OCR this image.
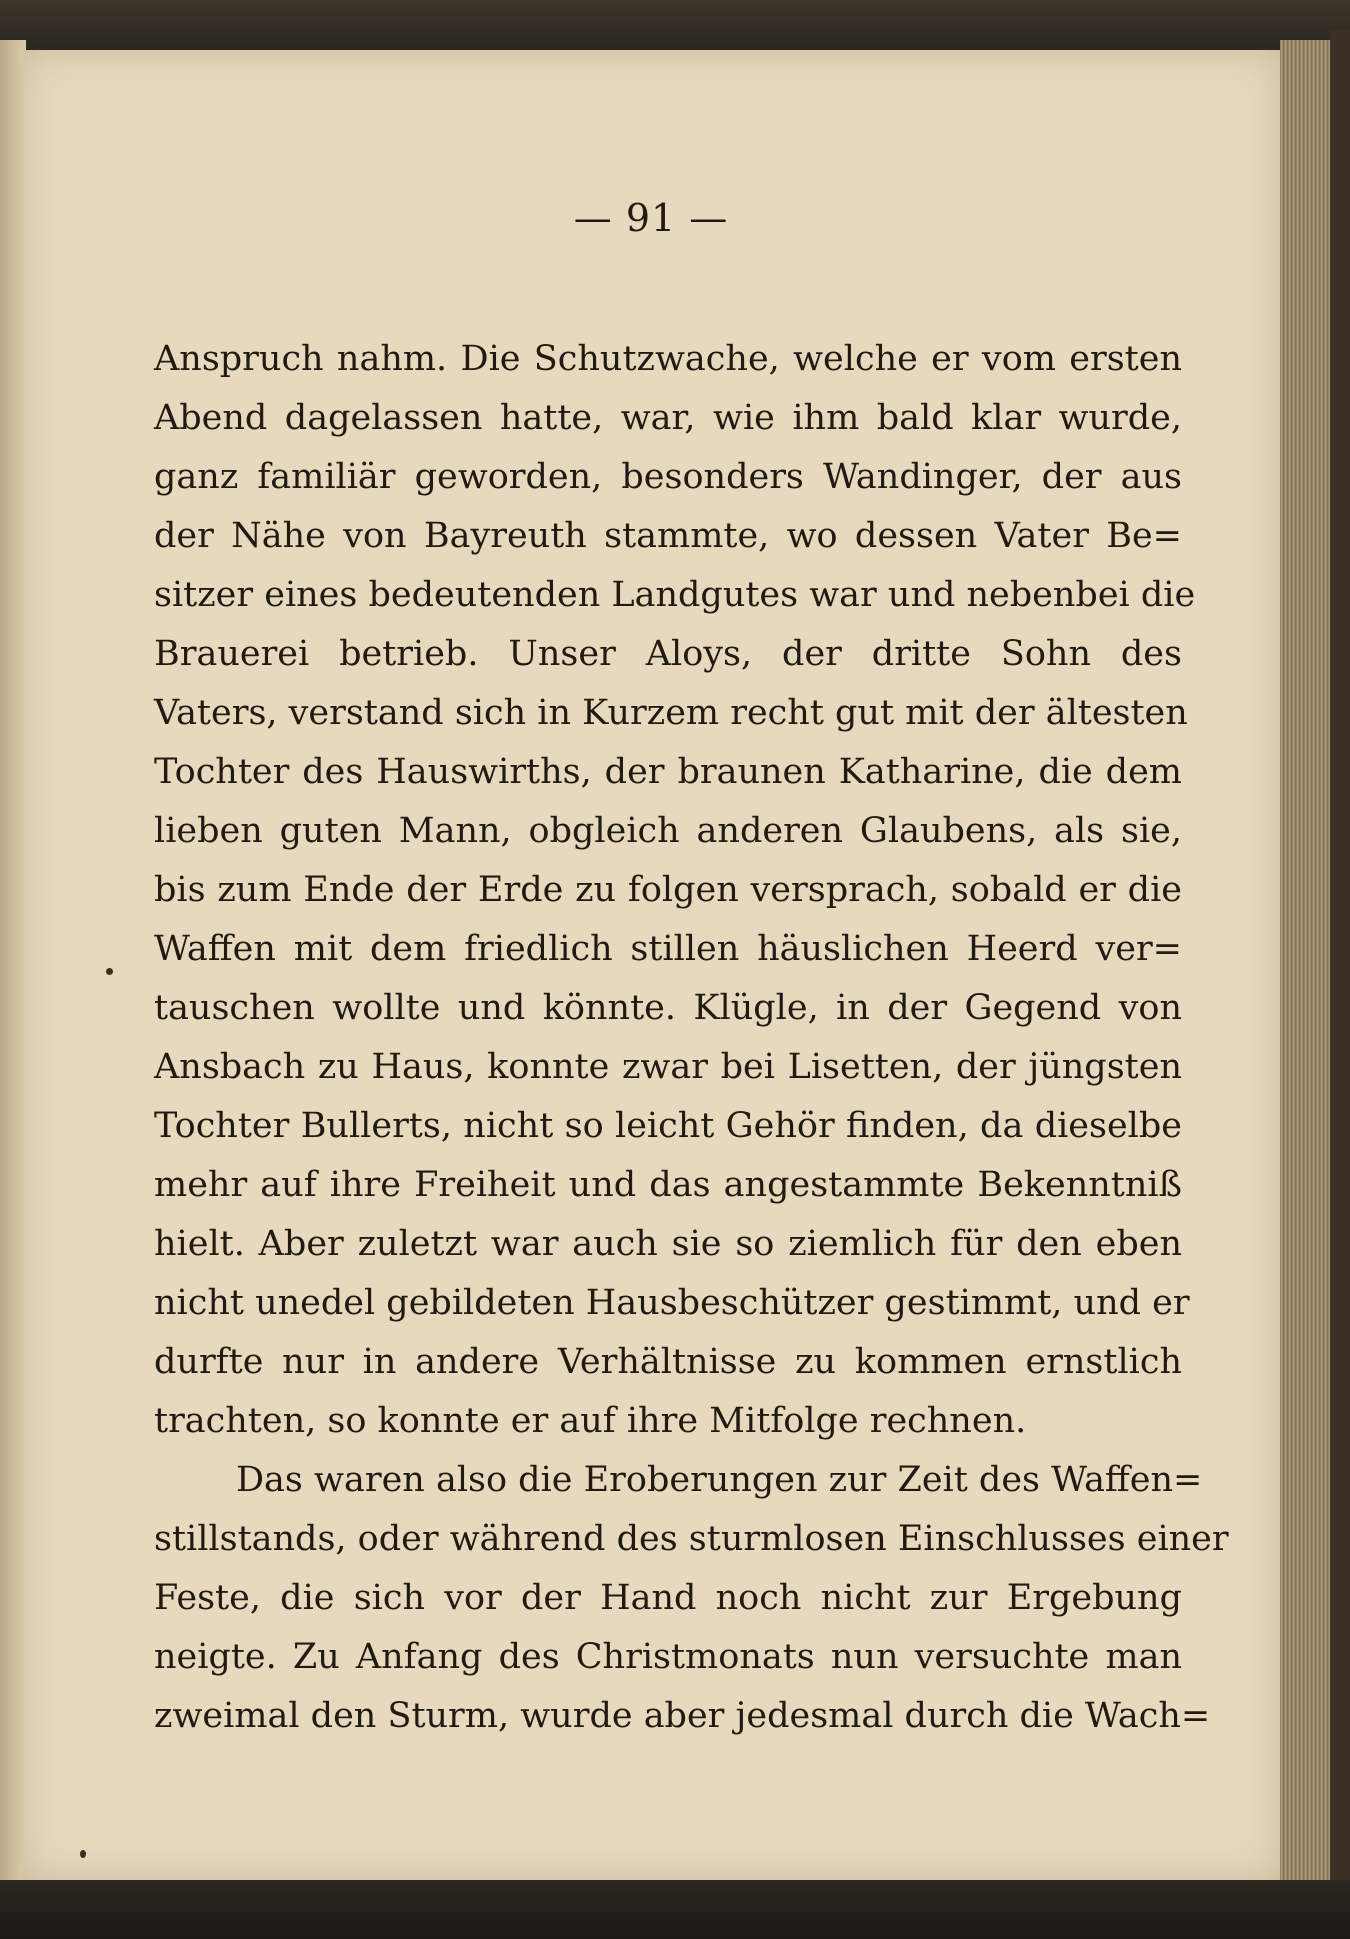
— 91 —
Anspruch nahm. Die Schutzwache, welche er vom ersten
Abend dagelassen hatte, war, wie ihm bald klar wurde,
ganz familiär geworden, besonders Wandinger, der aus
der Nähe von Bayreuth stammte, wo dessen Vater Be=
sitzer eines bedeutenden Landgutes war und nebenbei die
Brauerei betrieb. Unser Aloys, der dritte Sohn des
Vaters, verstand sich in Kurzem recht gut mit der ältesten
Tochter des Hauswirths, der braunen Katharine, die dem
lieben guten Mann, obgleich anderen Glaubens, als sie,
bis zum Ende der Erde zu folgen versprach, sobald er die
Waffen mit dem friedlich stillen häuslichen Heerd ver=
tauschen wollte und könnte. Klügle, in der Gegend von
Ansbach zu Haus, konnte zwar bei Lisetten, der jüngsten
Tochter Bullerts, nicht so leicht Gehör finden, da dieselbe
mehr auf ihre Freiheit und das angestammte Bekenntniß
hielt. Aber zuletzt war auch sie so ziemlich für den eben
nicht unedel gebildeten Hausbeschützer gestimmt, und er
durfte nur in andere Verhältnisse zu kommen ernstlich
trachten, so konnte er auf ihre Mitfolge rechnen.
Das waren also die Eroberungen zur Zeit des Waffen=
stillstands, oder während des sturmlosen Einschlusses einer
Feste, die sich vor der Hand noch nicht zur Ergebung
neigte. Zu Anfang des Christmonats nun versuchte man
zweimal den Sturm, wurde aber jedesmal durch die Wach=
